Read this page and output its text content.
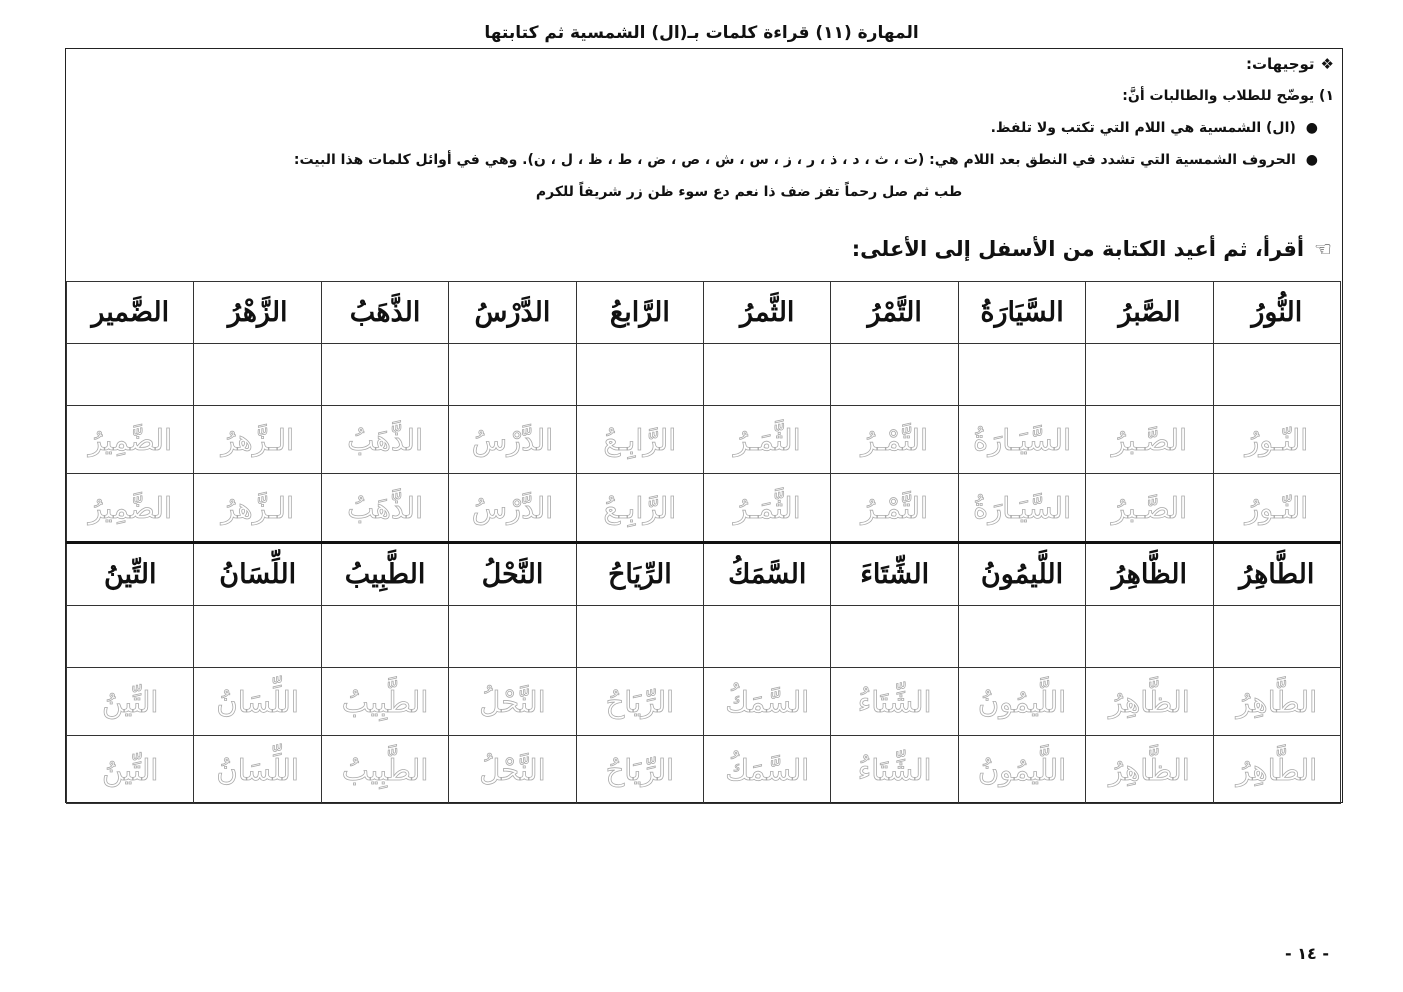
المهارة (١١) قراءة كلمات بـ(ال) الشمسية ثم كتابتها
❖
توجيهات:
١) يوضّح للطلاب والطالبات أنَّ:
●
(ال) الشمسية هي اللام التي تكتب ولا تلفظ.
●
الحروف الشمسية التي تشدد في النطق بعد اللام هي: (ت ، ث ، د ، ذ ، ر ، ز ، س ، ش ، ص ، ض ، ط ، ظ ، ل ، ن). وهي في أوائل كلمات هذا البيت:
طب ثم صل رحماً تفز ضف ذا نعم دع سوء ظن زر شريفاً للكرم
☜
أقرأ، ثم أعيد الكتابة من الأسفل إلى الأعلى:
النُّورُ	الصَّبرُ	السَّيَارَةُ	التَّمْرُ	الثَّمرُ	الرَّابعُ	الدَّرْسُ	الذَّهَبُ	الزَّهْرُ	الضَّمير

النّـورُ	الصَّـبرُ	السَّيَـارَةُ	التَّمْـرُ	الثَّمَـرُ	الرَّابِـعُ	الدَّرْسُ	الذَّهَبُ	الـزَّهرُ	الضَّمِيرُ
النّـورُ	الصَّـبرُ	السَّيَـارَةُ	التَّمْـرُ	الثَّمَـرُ	الرَّابِـعُ	الدَّرْسُ	الذَّهَبُ	الـزَّهرُ	الضَّمِيرُ
الطَّاهِرُ	الظَّاهِرُ	اللَّيمُونُ	الشِّتَاءَ	السَّمَكُ	الرِّيَاحُ	النَّحْلُ	الطَّبِيبُ	اللِّسَانُ	التِّينُ

الطَّاهِرُ	الظَّاهِرُ	اللَّيمُونُ	الشِّتَاءُ	السَّمَكُ	الرِّيَاحُ	النَّحْلُ	الطَّبِيبُ	اللِّسَانُ	التِّينُ
الطَّاهِرُ	الظَّاهِرُ	اللَّيمُونُ	الشِّتَاءُ	السَّمَكُ	الرِّيَاحُ	النَّحْلُ	الطَّبِيبُ	اللِّسَانُ	التِّينُ
- ١٤ -
